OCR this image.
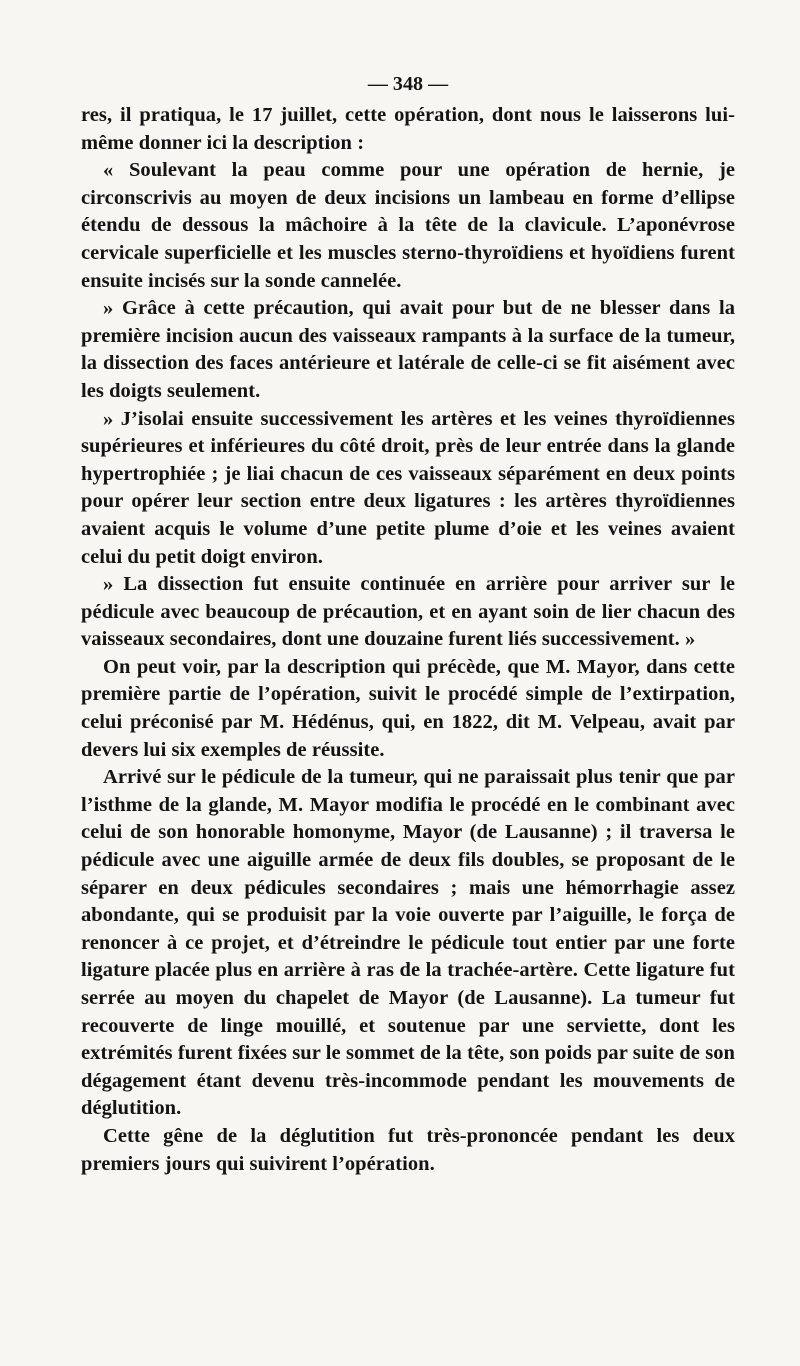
— 348 —

res, il pratiqua, le 17 juillet, cette opération, dont nous le laisserons lui-même donner ici la description :

« Soulevant la peau comme pour une opération de hernie, je circonscrivis au moyen de deux incisions un lambeau en forme d’ellipse étendu de dessous la mâchoire à la tête de la clavicule. L’aponévrose cervicale superficielle et les muscles sterno-thyroïdiens et hyoïdiens furent ensuite incisés sur la sonde cannelée.

» Grâce à cette précaution, qui avait pour but de ne blesser dans la première incision aucun des vaisseaux rampants à la surface de la tumeur, la dissection des faces antérieure et latérale de celle-ci se fit aisément avec les doigts seulement.

» J’isolai ensuite successivement les artères et les veines thyroïdiennes supérieures et inférieures du côté droit, près de leur entrée dans la glande hypertrophiée ; je liai chacun de ces vaisseaux séparément en deux points pour opérer leur section entre deux ligatures : les artères thyroïdiennes avaient acquis le volume d’une petite plume d’oie et les veines avaient celui du petit doigt environ.

» La dissection fut ensuite continuée en arrière pour arriver sur le pédicule avec beaucoup de précaution, et en ayant soin de lier chacun des vaisseaux secondaires, dont une douzaine furent liés successivement. »

On peut voir, par la description qui précède, que M. Mayor, dans cette première partie de l’opération, suivit le procédé simple de l’extirpation, celui préconisé par M. Hédénus, qui, en 1822, dit M. Velpeau, avait par devers lui six exemples de réussite.

Arrivé sur le pédicule de la tumeur, qui ne paraissait plus tenir que par l’isthme de la glande, M. Mayor modifia le procédé en le combinant avec celui de son honorable homonyme, Mayor (de Lausanne) ; il traversa le pédicule avec une aiguille armée de deux fils doubles, se proposant de le séparer en deux pédicules secondaires ; mais une hémorrhagie assez abondante, qui se produisit par la voie ouverte par l’aiguille, le força de renoncer à ce projet, et d’étreindre le pédicule tout entier par une forte ligature placée plus en arrière à ras de la trachée-artère. Cette ligature fut serrée au moyen du chapelet de Mayor (de Lausanne). La tumeur fut recouverte de linge mouillé, et soutenue par une serviette, dont les extrémités furent fixées sur le sommet de la tête, son poids par suite de son dégagement étant devenu très-incommode pendant les mouvements de déglutition.

Cette gêne de la déglutition fut très-prononcée pendant les deux premiers jours qui suivirent l’opération.
